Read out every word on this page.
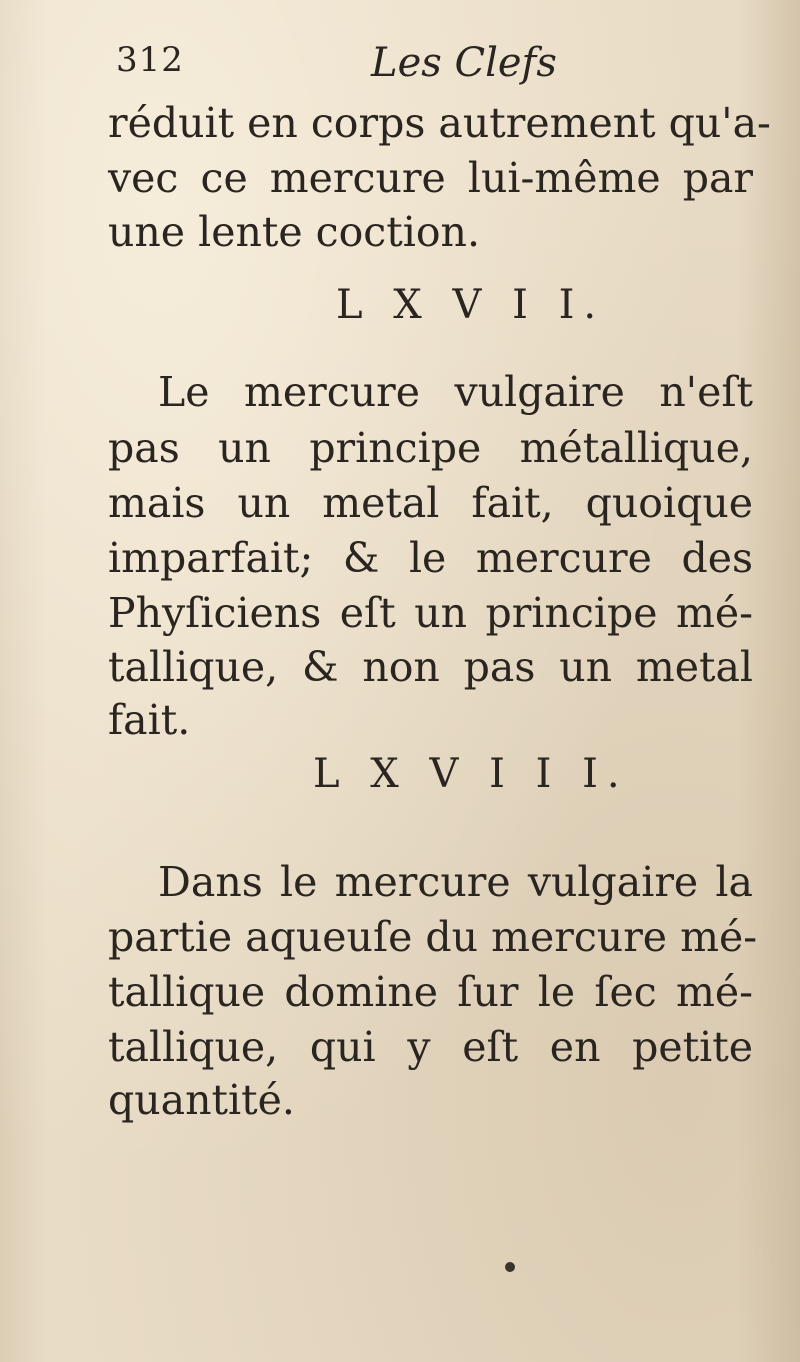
312	Les Clefs
réduit en corps autrement qu'a-
vec ce mercure lui-même par
une lente coction.
L X V I I.
Le mercure vulgaire n'eſt
pas un principe métallique,
mais un metal fait, quoique
imparfait; & le mercure des
Phyſiciens eſt un principe mé-
tallique, & non pas un metal
fait.
L X V I I I.
Dans le mercure vulgaire la
partie aqueuſe du mercure mé-
tallique domine ſur le ſec mé-
tallique, qui y eſt en petite
quantité.
